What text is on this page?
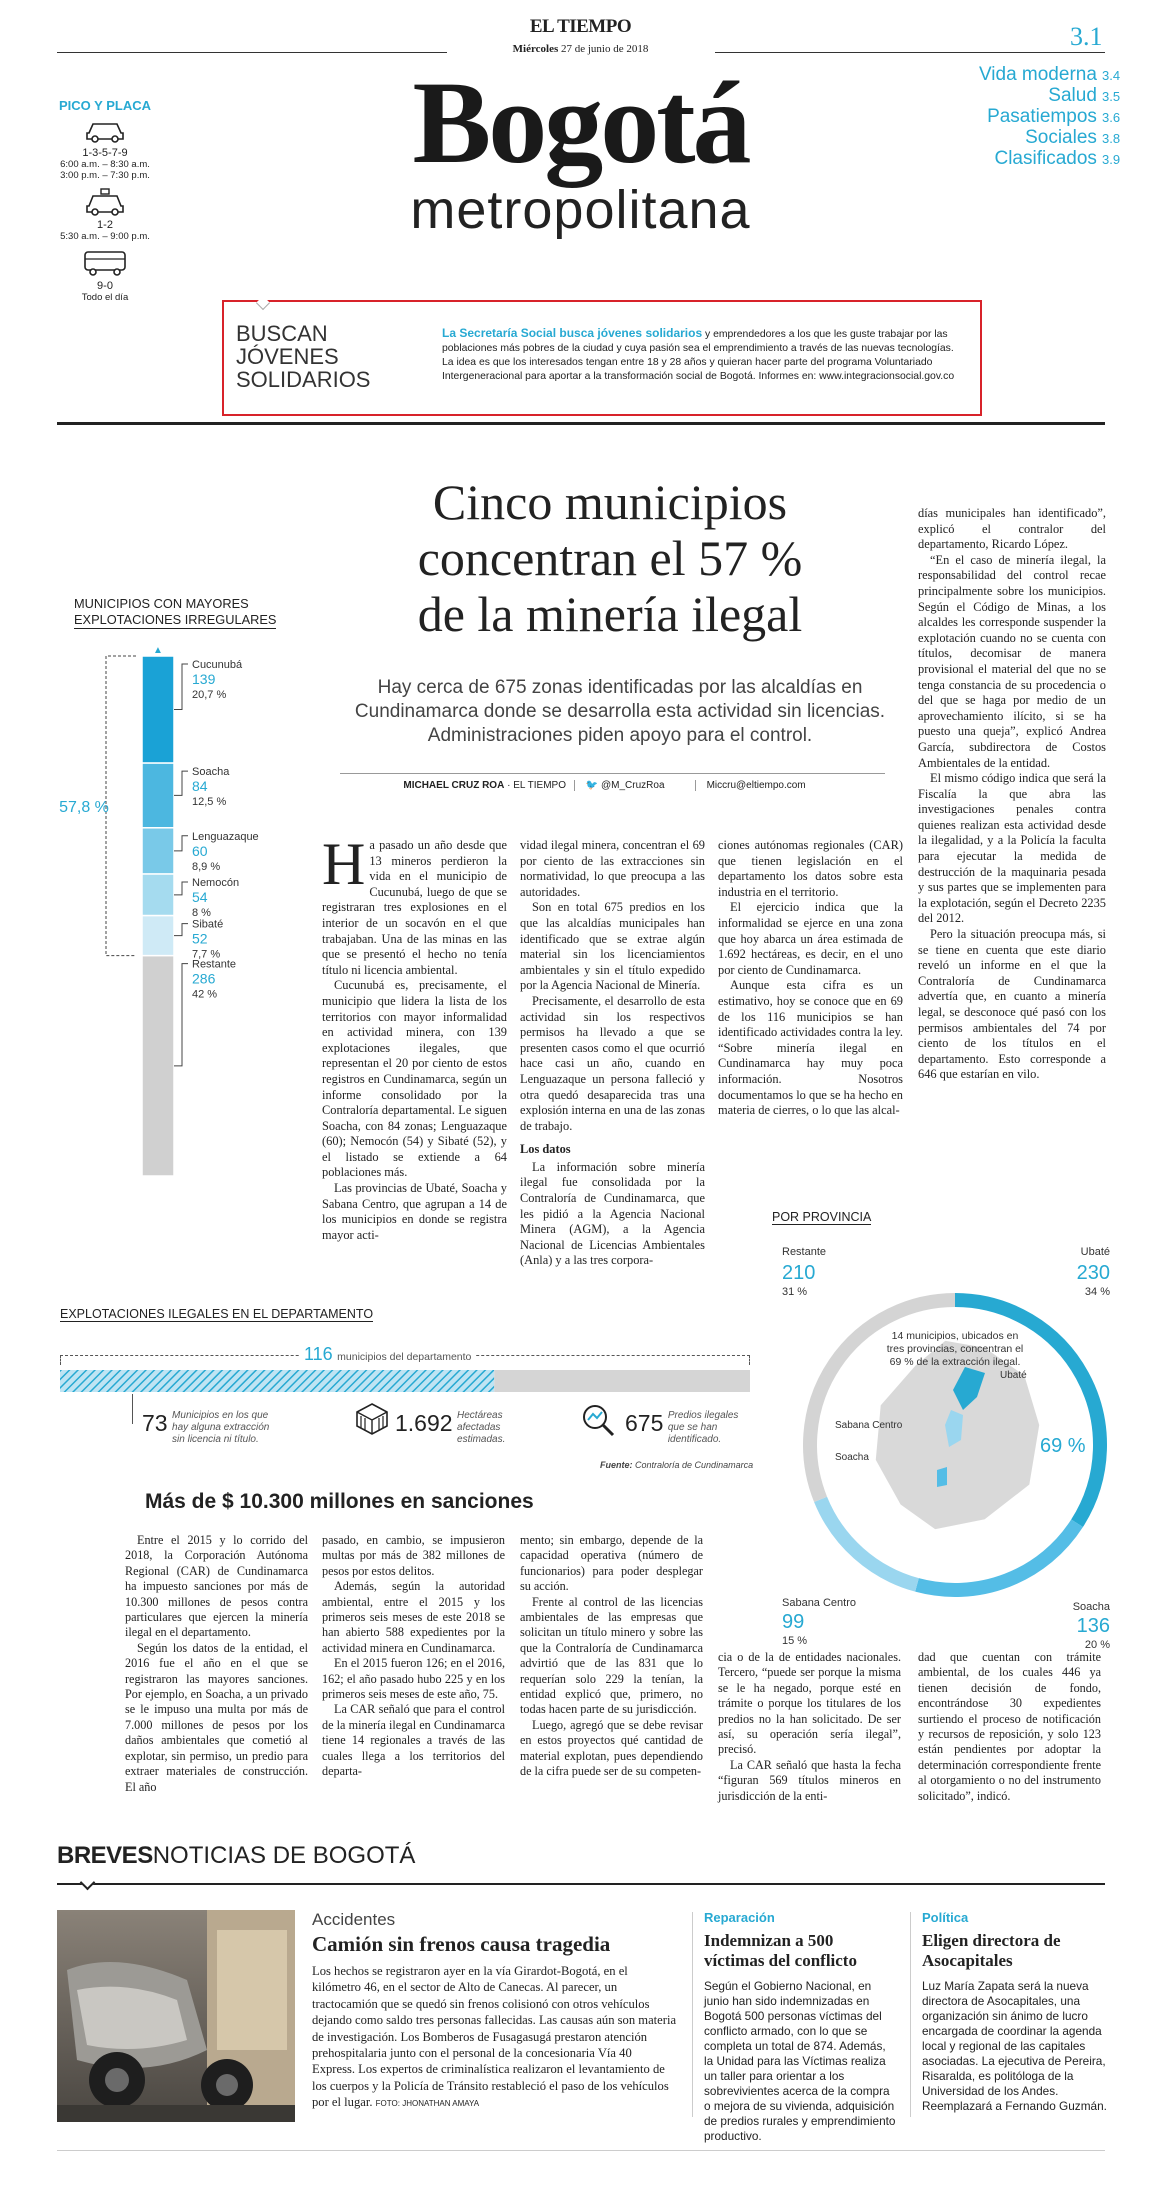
EL TIEMPO
Miércoles 27 de junio de 2018	3.1
Bogotá
metropolitana
Vida moderna 3.4
Salud 3.5
Pasatiempos 3.6
Sociales 3.8
Clasificados 3.9
PICO Y PLACA
1-3-5-7-9
6:00 a.m. – 8:30 a.m.
3:00 p.m. – 7:30 p.m.
1-2
5:30 a.m. – 9:00 p.m.
9-0
Todo el día
BUSCAN
JÓVENES
SOLIDARIOS
La Secretaría Social busca jóvenes solidarios y emprendedores a los que les guste trabajar por las poblaciones más pobres de la ciudad y cuya pasión sea el emprendimiento a través de las nuevas tecnologías. La idea es que los interesados tengan entre 18 y 28 años y quieran hacer parte del programa Voluntariado Intergeneracional para aportar a la transformación social de Bogotá. Informes en: www.integracionsocial.gov.co
Cinco municipios
concentran el 57 %
de la minería ilegal
Hay cerca de 675 zonas identificadas por las alcaldías en Cundinamarca donde se desarrolla esta actividad sin licencias. Administraciones piden apoyo para el control.
MICHAEL CRUZ ROA · EL TIEMPO 🐦 @M_CruzRoa	Miccru@eltiempo.com
MUNICIPIOS CON MAYORES
EXPLOTACIONES IRREGULARES
Cucunubá
139
20,7 %
Soacha
84
12,5 %
Lenguazaque
60
8,9 %
Nemocón
54
8 %
Sibaté
52
7,7 %
Restante
286
42 %
▲
57,8 %
H a pasado un año desde que 13 mineros perdieron la vida en el municipio de Cucunubá, luego de que se registraran tres explosiones en el interior de un socavón en el que trabajaban. Una de las minas en las que se presentó el hecho no tenía título ni licencia ambiental.

Cucunubá es, precisamente, el municipio que lidera la lista de los territorios con mayor informalidad en actividad minera, con 139 explotaciones ilegales, que representan el 20 por ciento de estos registros en Cundinamarca, según un informe consolidado por la Contraloría departamental. Le siguen Soacha, con 84 zonas; Lenguazaque (60); Nemocón (54) y Sibaté (52), y el listado se extiende a 64 poblaciones más.

Las provincias de Ubaté, Soacha y Sabana Centro, que agrupan a 14 de los municipios en donde se registra mayor acti-

vidad ilegal minera, concentran el 69 por ciento de las extracciones sin normatividad, lo que preocupa a las autoridades.

Son en total 675 predios en los que las alcaldías municipales han identificado que se extrae algún material sin los licenciamientos ambientales y sin el título expedido por la Agencia Nacional de Minería.

Precisamente, el desarrollo de esta actividad sin los respectivos permisos ha llevado a que se presenten casos como el que ocurrió hace casi un año, cuando en Lenguazaque un persona falleció y otra quedó desaparecida tras una explosión interna en una de las zonas de trabajo.

Los datos

La información sobre minería ilegal fue consolidada por la Contraloría de Cundinamarca, que les pidió a la Agencia Nacional Minera (AGM), a la Agencia Nacional de Licencias Ambientales (Anla) y a las tres corpora-

ciones autónomas regionales (CAR) que tienen legislación en el departamento los datos sobre esta industria en el territorio.

El ejercicio indica que la informalidad se ejerce en una zona que hoy abarca un área estimada de 1.692 hectáreas, es decir, en el uno por ciento de Cundinamarca.

Aunque esta cifra es un estimativo, hoy se conoce que en 69 de los 116 municipios se han identificado actividades contra la ley. “Sobre minería ilegal en Cundinamarca hay muy poca información. Nosotros documentamos lo que se ha hecho en materia de cierres, o lo que las alcal-

días municipales han identificado”, explicó el contralor del departamento, Ricardo López.

“En el caso de minería ilegal, la responsabilidad del control recae principalmente sobre los municipios. Según el Código de Minas, a los alcaldes les corresponde suspender la explotación cuando no se cuenta con títulos, decomisar de manera provisional el material del que no se tenga constancia de su procedencia o del que se haga por medio de un aprovechamiento ilícito, si se ha puesto una queja”, explicó Andrea García, subdirectora de Costos Ambientales de la entidad.

El mismo código indica que será la Fiscalía la que abra las investigaciones penales contra quienes realizan esta actividad desde la ilegalidad, y a la Policía la faculta para ejecutar la medida de destrucción de la maquinaria pesada y sus partes que se implementen para la explotación, según el Decreto 2235 del 2012.

Pero la situación preocupa más, si se tiene en cuenta que este diario reveló un informe en el que la Contraloría de Cundinamarca advertía que, en cuanto a minería legal, se desconoce qué pasó con los permisos ambientales del 74 por ciento de los títulos en el departamento. Esto corresponde a 646 que estarían en vilo.

EXPLOTACIONES ILEGALES EN EL DEPARTAMENTO
116 municipios del departamento
73 Municipios en los que hay alguna extracción sin licencia ni título.
1.692 Hectáreas afectadas estimadas.
675 Predios ilegales que se han identificado.
Fuente: Contraloría de Cundinamarca
POR PROVINCIA
Restante
210
31 %
Ubaté
230
34 %
Soacha
136
20 %
Sabana Centro
99
15 %
14 municipios, ubicados en
tres provincias, concentran el
69 % de la extracción ilegal.
Ubaté
Sabana Centro
Soacha
69 %
Más de $ 10.300 millones en sanciones
Entre el 2015 y lo corrido del 2018, la Corporación Autónoma Regional (CAR) de Cundinamarca ha impuesto sanciones por más de 10.300 millones de pesos contra particulares que ejercen la minería ilegal en el departamento.

Según los datos de la entidad, el 2016 fue el año en el que se registraron las mayores sanciones. Por ejemplo, en Soacha, a un privado se le impuso una multa por más de 7.000 millones de pesos por los daños ambientales que cometió al explotar, sin permiso, un predio para extraer materiales de construcción. El año

pasado, en cambio, se impusieron multas por más de 382 millones de pesos por estos delitos.

Además, según la autoridad ambiental, entre el 2015 y los primeros seis meses de este 2018 se han abierto 588 expedientes por la actividad minera en Cundinamarca.

En el 2015 fueron 126; en el 2016, 162; el año pasado hubo 225 y en los primeros seis meses de este año, 75.

La CAR señaló que para el control de la minería ilegal en Cundinamarca tiene 14 regionales a través de las cuales llega a los territorios del departa-

mento; sin embargo, depende de la capacidad operativa (número de funcionarios) para poder desplegar su acción.

Frente al control de las licencias ambientales de las empresas que solicitan un título minero y sobre las que la Contraloría de Cundinamarca advirtió que de las 831 que lo requerían solo 229 la tenían, la entidad explicó que, primero, no todas hacen parte de su jurisdicción.

Luego, agregó que se debe revisar en estos proyectos qué cantidad de material explotan, pues dependiendo de la cifra puede ser de su competen-

cia o de la de entidades nacionales. Tercero, “puede ser porque la misma se le ha negado, porque esté en trámite o porque los titulares de los predios no la han solicitado. De ser así, su operación sería ilegal”, precisó.

La CAR señaló que hasta la fecha “figuran 569 títulos mineros en jurisdicción de la enti-

dad que cuentan con trámite ambiental, de los cuales 446 ya tienen decisión de fondo, encontrándose 30 expedientes surtiendo el proceso de notificación y recursos de reposición, y solo 123 están pendientes por adoptar la determinación correspondiente frente al otorgamiento o no del instrumento solicitado”, indicó.
BREVESNOTICIAS DE BOGOTÁ
Accidentes
Camión sin frenos causa tragedia
Los hechos se registraron ayer en la vía Girardot-Bogotá, en el kilómetro 46, en el sector de Alto de Canecas. Al parecer, un tractocamión que se quedó sin frenos colisionó con otros vehículos dejando como saldo tres personas fallecidas. Las causas aún son materia de investigación. Los Bomberos de Fusagasugá prestaron atención prehospitalaria junto con el personal de la concesionaria Vía 40 Express. Los expertos de criminalística realizaron el levantamiento de los cuerpos y la Policía de Tránsito restableció el paso de los vehículos por el lugar. FOTO: JHONATHAN AMAYA
Reparación
Indemnizan a 500 víctimas del conflicto
Según el Gobierno Nacional, en junio han sido indemnizadas en Bogotá 500 personas víctimas del conflicto armado, con lo que se completa un total de 874. Además, la Unidad para las Víctimas realiza un taller para orientar a los sobrevivientes acerca de la compra o mejora de su vivienda, adquisición de predios rurales y emprendimiento productivo.
Política
Eligen directora de Asocapitales
Luz María Zapata será la nueva directora de Asocapitales, una organización sin ánimo de lucro encargada de coordinar la agenda local y regional de las capitales asociadas. La ejecutiva de Pereira, Risaralda, es politóloga de la Universidad de los Andes. Reemplazará a Fernando Guzmán.
